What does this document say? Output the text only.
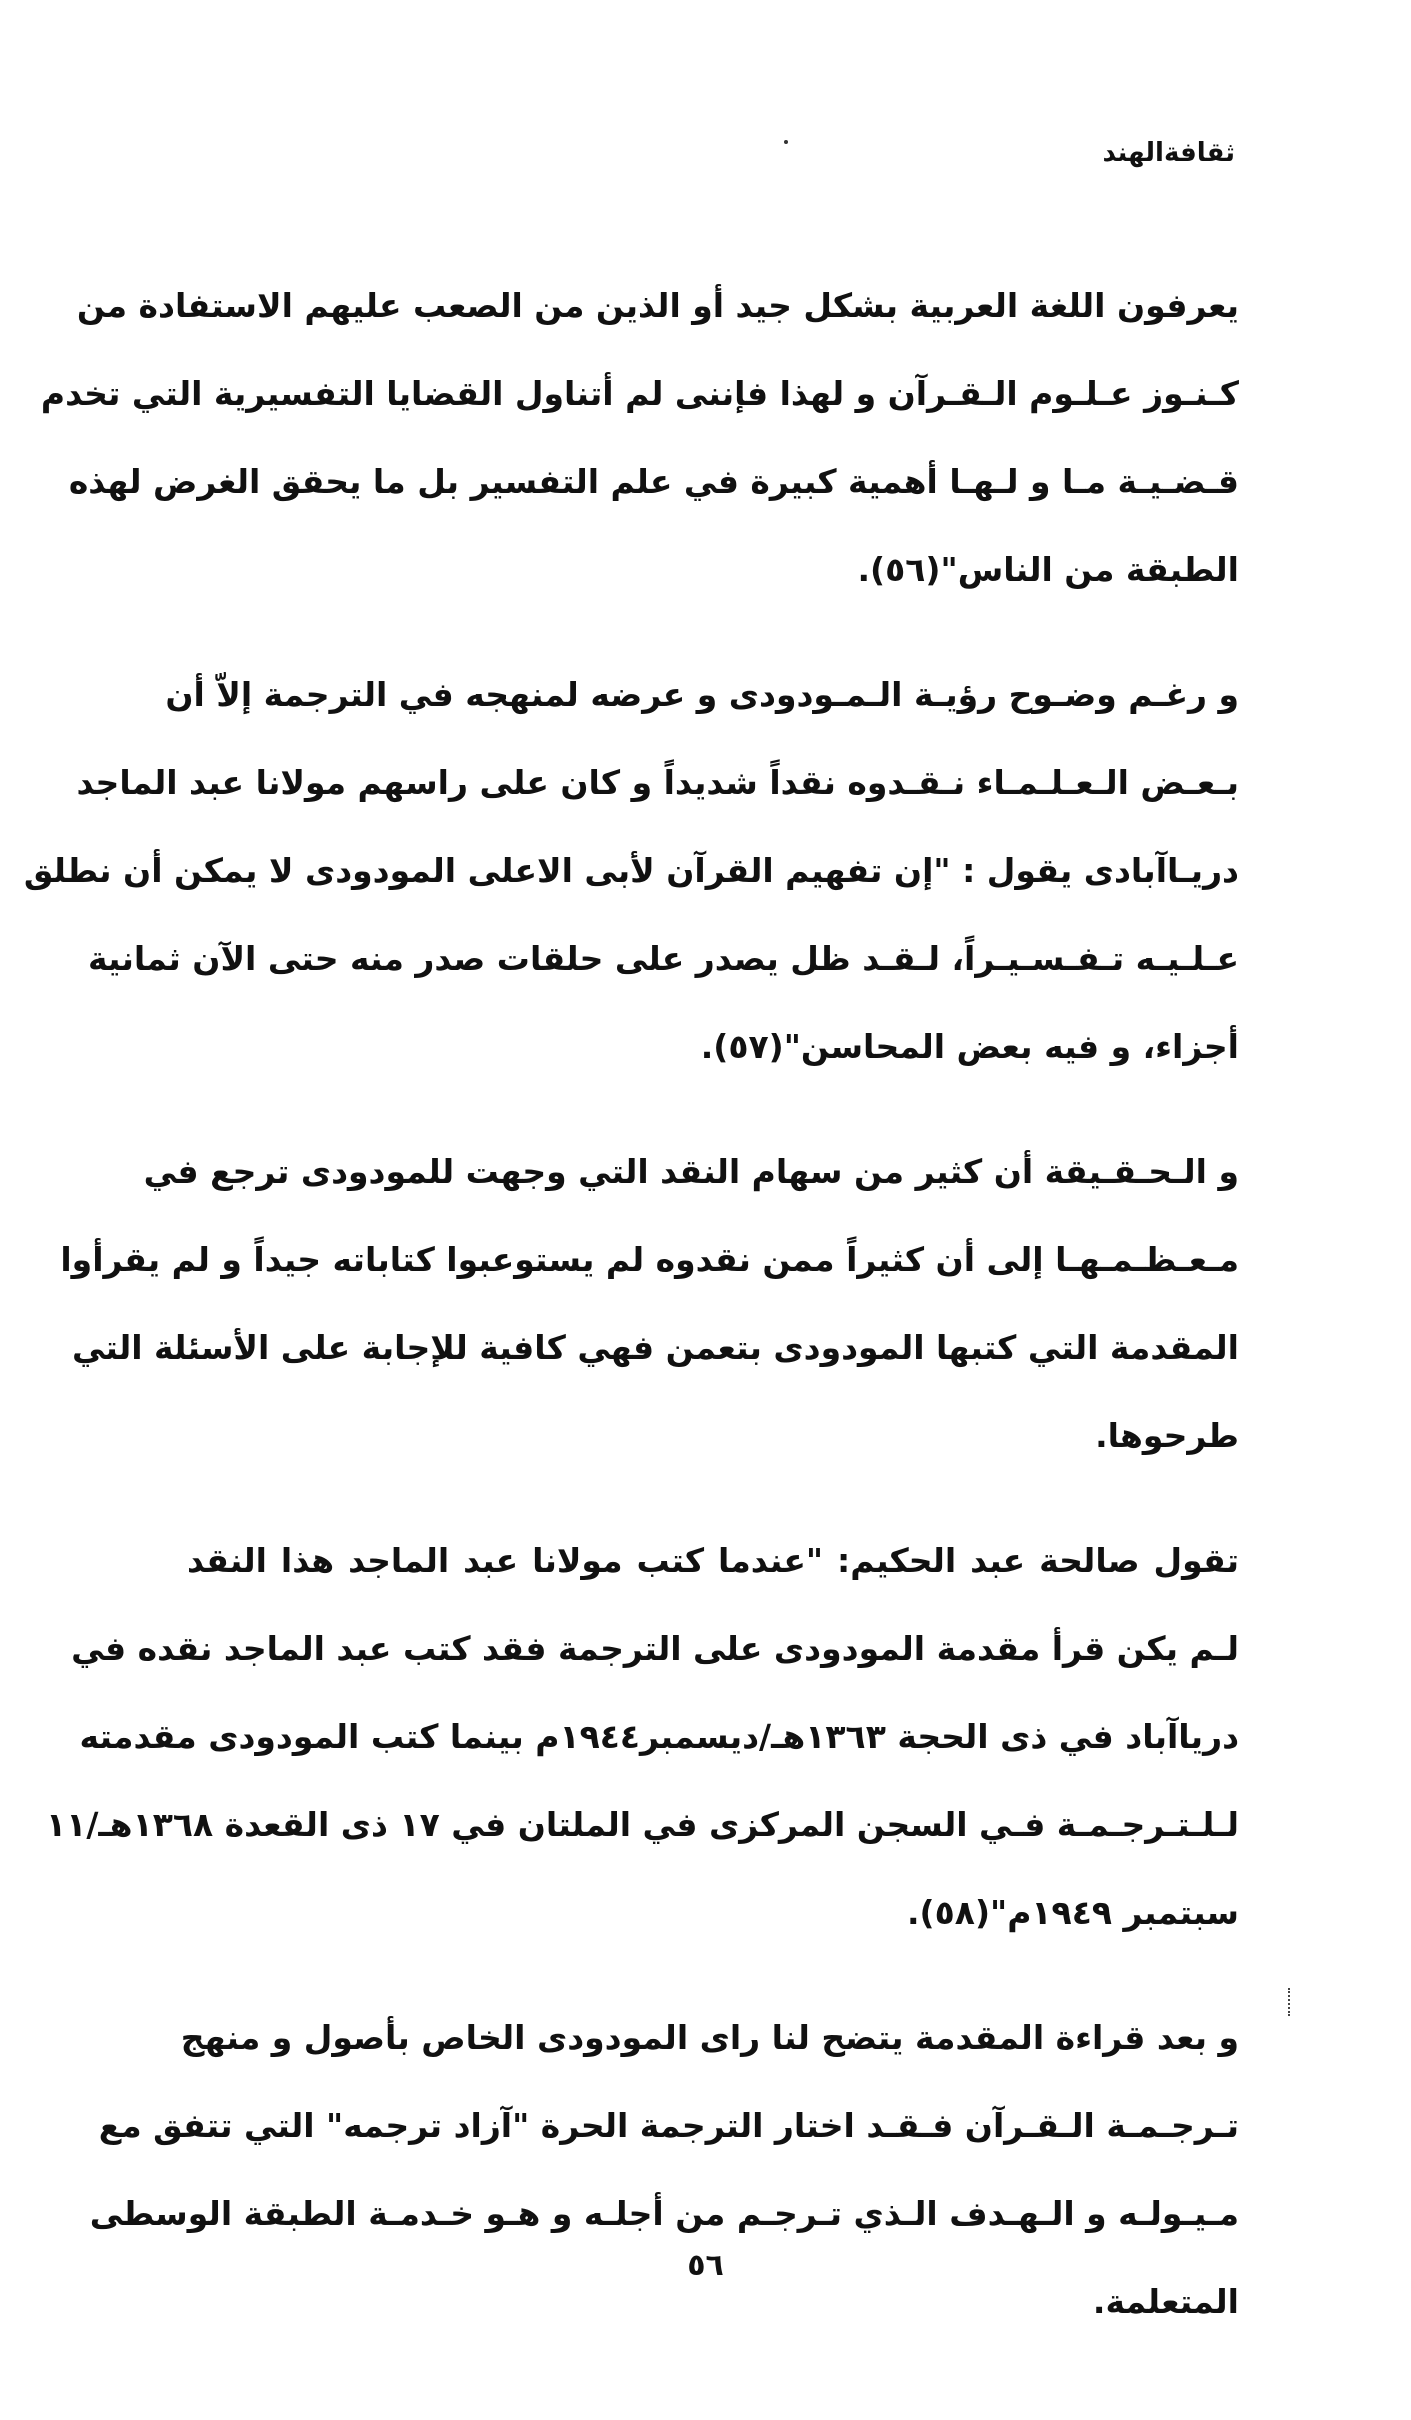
ثقافةالهند

يعرفون اللغة العربية بشكل جيد أو الذين من الصعب عليهم الاستفادة من
كـنـوز عـلـوم الـقـرآن و لهذا فإننى لم أتناول القضايا التفسيرية التي تخدم
قـضـيـة مـا و لـهـا أهمية كبيرة في علم التفسير بل ما يحقق الغرض لهذه
الطبقة من الناس"(٥٦).

و رغـم وضـوح رؤيـة الـمـودودى و عرضه لمنهجه في الترجمة إلاّ أن
بـعـض الـعـلـمـاء نـقـدوه نقداً شديداً و كان على راسهم مولانا عبد الماجد
دريـاآبادى يقول : "إن تفهيم القرآن لأبى الاعلى المودودى لا يمكن أن نطلق
عـلـيـه تـفـسـيـراً، لـقـد ظل يصدر على حلقات صدر منه حتى الآن ثمانية
أجزاء، و فيه بعض المحاسن"(٥٧).

و الـحـقـيقة أن كثير من سهام النقد التي وجهت للمودودى ترجع في
مـعـظـمـهـا إلى أن كثيراً ممن نقدوه لم يستوعبوا كتاباته جيداً و لم يقرأوا
المقدمة التي كتبها المودودى بتعمن فهي كافية للإجابة على الأسئلة التي
طرحوها.

تقول صالحة عبد الحكيم: "عندما كتب مولانا عبد الماجد هذا النقد
لـم يكن قرأ مقدمة المودودى على الترجمة فقد كتب عبد الماجد نقده في
درياآباد في ذى الحجة ١٣٦٣هـ/ديسمبر١٩٤٤م بينما كتب المودودى مقدمته
لـلـتـرجـمـة فـي السجن المركزى في الملتان في ١٧ ذى القعدة ١٣٦٨هـ/١١
سبتمبر ١٩٤٩م"(٥٨).

و بعد قراءة المقدمة يتضح لنا راى المودودى الخاص بأصول و منهج
تـرجـمـة الـقـرآن فـقـد اختار الترجمة الحرة "آزاد ترجمه" التي تتفق مع
مـيـولـه و الـهـدف الـذي تـرجـم من أجلـه و هـو خـدمـة الطبقة الوسطى
المتعلمة.

٥٦
